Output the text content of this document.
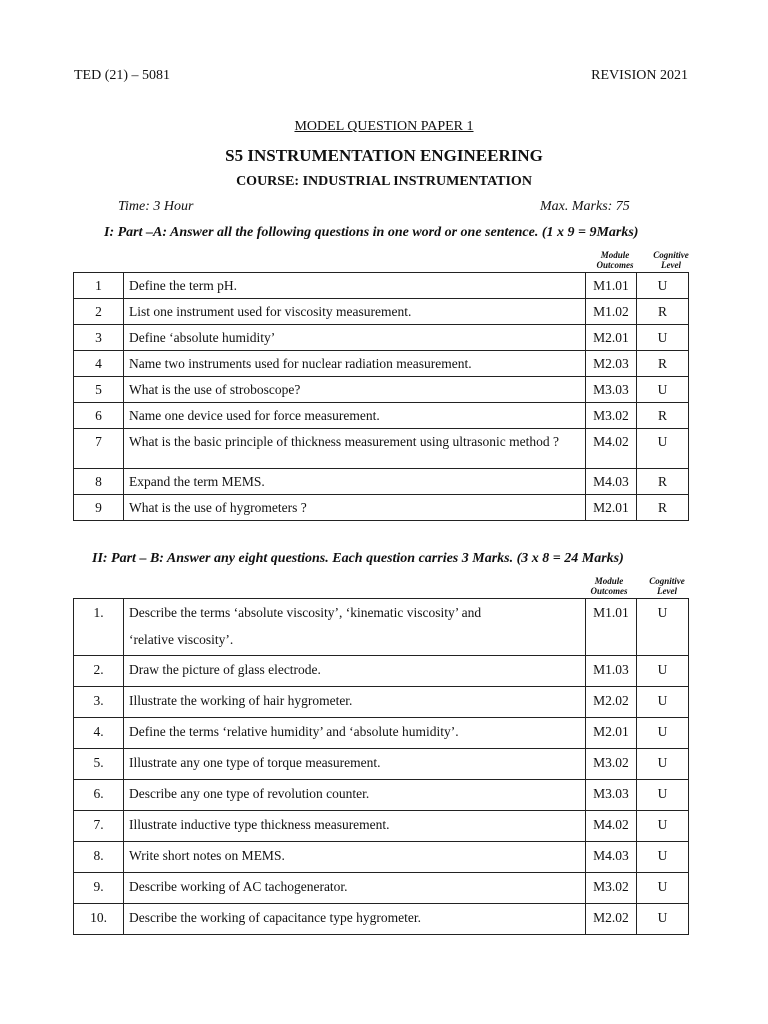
TED (21) – 5081	REVISION 2021
MODEL QUESTION PAPER 1
S5 INSTRUMENTATION ENGINEERING
COURSE: INDUSTRIAL INSTRUMENTATION
Time: 3 Hour	Max. Marks: 75
I: Part –A: Answer all the following questions in one word or one sentence. (1 x 9 = 9Marks)
Module
Outcomes
Cognitive
Level
1	Define the term pH.	M1.01	U
2	List one instrument used for viscosity measurement.	M1.02	R
3	Define ‘absolute humidity’	M2.01	U
4	Name two instruments used for nuclear radiation measurement.	M2.03	R
5	What is the use of stroboscope?	M3.03	U
6	Name one device used for force measurement.	M3.02	R
7	What is the basic principle of thickness measurement using ultrasonic method ?	M4.02	U
8	Expand the term MEMS.	M4.03	R
9	What is the use of hygrometers ?	M2.01	R
II: Part – B: Answer any eight questions. Each question carries 3 Marks. (3 x 8 = 24 Marks)
Module
Outcomes
Cognitive
Level
1.	Describe the terms ‘absolute viscosity’, ‘kinematic viscosity’ and
‘relative viscosity’.	M1.01	U
2.	Draw the picture of glass electrode.	M1.03	U
3.	Illustrate the working of hair hygrometer.	M2.02	U
4.	Define the terms ‘relative humidity’ and ‘absolute humidity’.	M2.01	U
5.	Illustrate any one type of torque measurement.	M3.02	U
6.	Describe any one type of revolution counter.	M3.03	U
7.	Illustrate inductive type thickness measurement.	M4.02	U
8.	Write short notes on MEMS.	M4.03	U
9.	Describe working of AC tachogenerator.	M3.02	U
10.	Describe the working of capacitance type hygrometer.	M2.02	U
